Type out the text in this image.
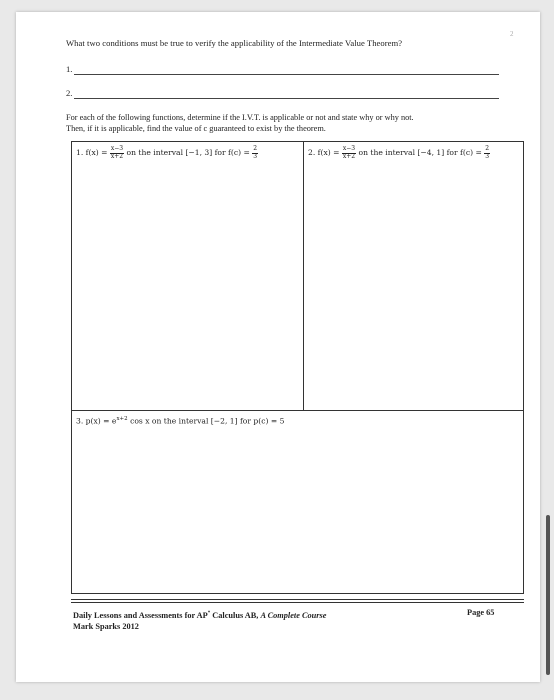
2
What two conditions must be true to verify the applicability of the Intermediate Value Theorem?
1.
2.
For each of the following functions, determine if the I.V.T. is applicable or not and state why or why not.
Then, if it is applicable, find the value of c guaranteed to exist by the theorem.
1. $f(x) = \frac{x-3}{x+2}$ on the interval [−1, 3] for $f(c) = \frac{2}{3}$	2. $f(x) = \frac{x-3}{x+2}$ on the interval [−4, 1] for $f(c) = \frac{2}{3}$
3. $p(x) = e^{x+2}$ cos x on the interval [−2, 1] for p(c) = 5
Daily Lessons and Assessments for AP* Calculus AB, A Complete Course
Mark Sparks 2012
Page 65
